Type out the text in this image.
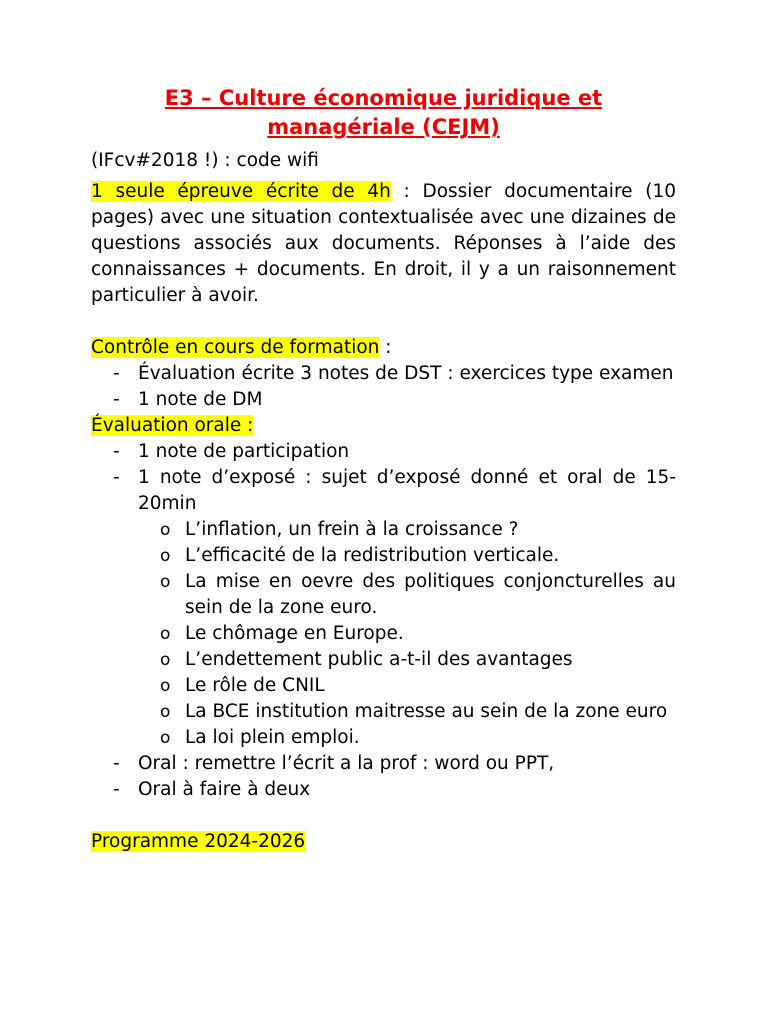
E3 – Culture économique juridique et
managériale (CEJM)

(IFcv#2018 !) : code wifi

1 seule épreuve écrite de 4h : Dossier documentaire (10 pages) avec une situation contextualisée avec une dizaines de questions associés aux documents. Réponses à l’aide des connaissances + documents. En droit, il y a un raisonnement particulier à avoir.

Contrôle en cours de formation :

- Évaluation écrite 3 notes de DST : exercices type examen
- 1 note de DM

Évaluation orale :

- 1 note de participation
- 1 note d’exposé : sujet d’exposé donné et oral de 15-20min
o L’inflation, un frein à la croissance ?
o L’efficacité de la redistribution verticale.
o La mise en oevre des politiques conjoncturelles au sein de la zone euro.
o Le chômage en Europe.
o L’endettement public a-t-il des avantages
o Le rôle de CNIL
o La BCE institution maitresse au sein de la zone euro
o La loi plein emploi.
- Oral : remettre l’écrit a la prof : word ou PPT,
- Oral à faire à deux

Programme 2024-2026
